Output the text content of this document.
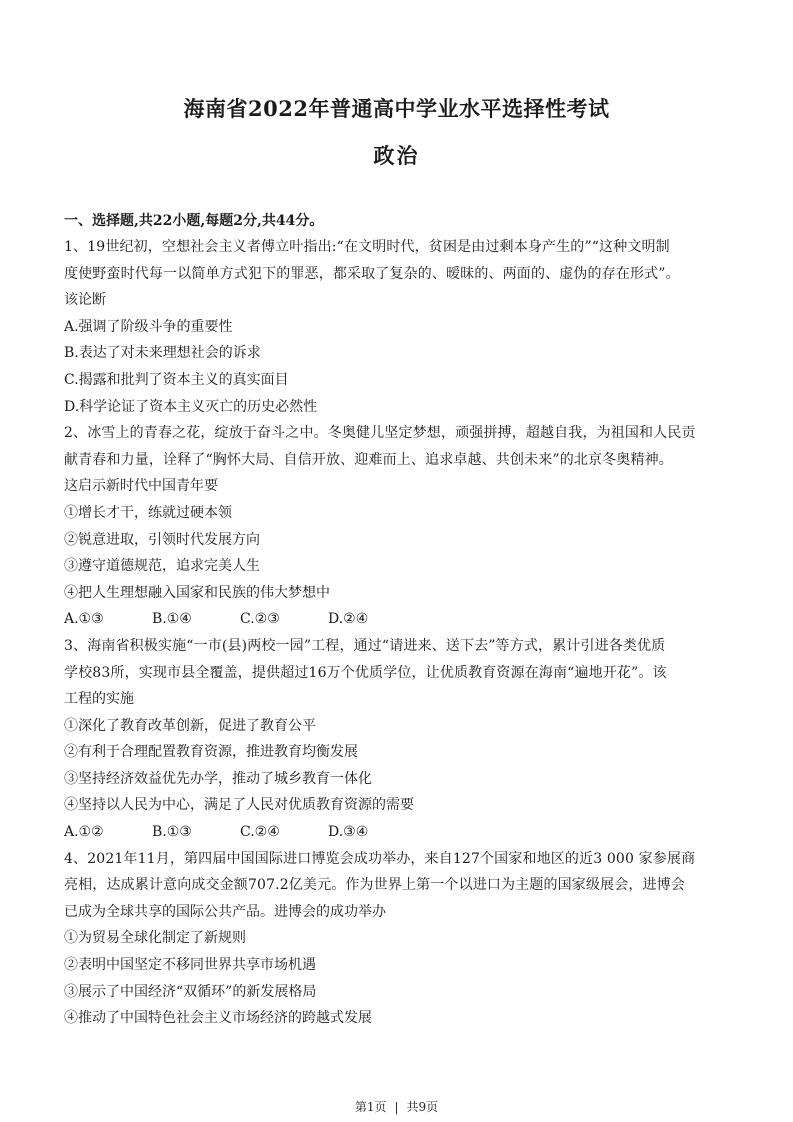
海南省2022年普通高中学业水平选择性考试
政治
一、选择题,共22小题,每题2分,共44分。
1、19世纪初，空想社会主义者傅立叶指出:“在文明时代，贫困是由过剩本身产生的”“这种文明制
度使野蛮时代每一以简单方式犯下的罪恶，都采取了复杂的、暧昧的、两面的、虚伪的存在形式”。
该论断
A.强调了阶级斗争的重要性
B.表达了对未来理想社会的诉求
C.揭露和批判了资本主义的真实面目
D.科学论证了资本主义灭亡的历史必然性
2、冰雪上的青春之花，绽放于奋斗之中。冬奥健儿坚定梦想，顽强拼搏，超越自我，为祖国和人民贡
献青春和力量，诠释了“胸怀大局、自信开放、迎难而上、追求卓越、共创未来”的北京冬奥精神。
这启示新时代中国青年要
①增长才干，练就过硬本领
②锐意进取，引领时代发展方向
③遵守道德规范，追求完美人生
④把人生理想融入国家和民族的伟大梦想中
A.①③	B.①④	C.②③	D.②④
3、海南省积极实施“一市(县)两校一园”工程，通过“请进来、送下去”等方式，累计引进各类优质
学校83所，实现市县全覆盖，提供超过16万个优质学位，让优质教育资源在海南“遍地开花”。该
工程的实施
①深化了教育改革创新，促进了教育公平
②有利于合理配置教育资源，推进教育均衡发展
③坚持经济效益优先办学，推动了城乡教育一体化
④坚持以人民为中心，满足了人民对优质教育资源的需要
A.①②	B.①③	C.②④	D.③④
4、2021年11月，第四届中国国际进口博览会成功举办，来自127个国家和地区的近3 000 家参展商
亮相，达成累计意向成交金额707.2亿美元。作为世界上第一个以进口为主题的国家级展会，进博会
已成为全球共享的国际公共产品。进博会的成功举办
①为贸易全球化制定了新规则
②表明中国坚定不移同世界共享市场机遇
③展示了中国经济“双循环”的新发展格局
④推动了中国特色社会主义市场经济的跨越式发展
第1页 | 共9页
